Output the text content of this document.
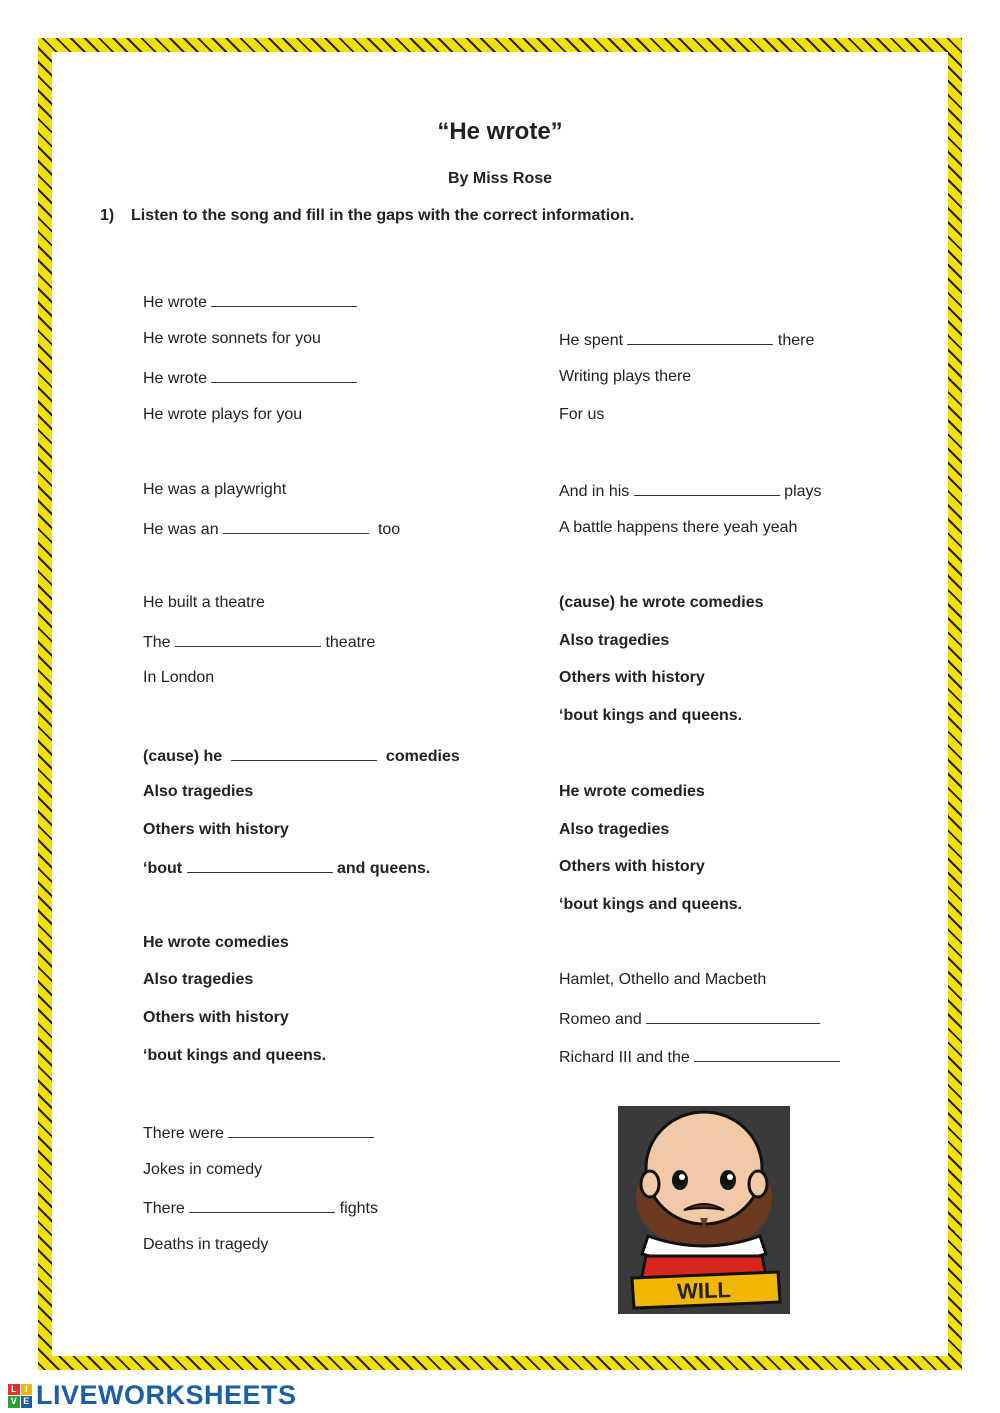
“He wrote”
By Miss Rose
1) Listen to the song and fill in the gaps with the correct information.
He wrote
He wrote sonnets for you
He wrote
He wrote plays for you
He was a playwright
He was an	too
He built a theatre
The	theatre
In London
(cause) he	comedies
Also tragedies
Others with history
‘bout	and queens.
He wrote comedies
Also tragedies
Others with history
‘bout kings and queens.
There were
Jokes in comedy
There	fights
Deaths in tragedy
He spent	there
Writing plays there
For us
And in his	plays
A battle happens there yeah yeah
(cause) he wrote comedies
Also tragedies
Others with history
‘bout kings and queens.
He wrote comedies
Also tragedies
Others with history
‘bout kings and queens.
Hamlet, Othello and Macbeth
Romeo and
Richard III and the
WILL
L I
V E LIVEWORKSHEETS
